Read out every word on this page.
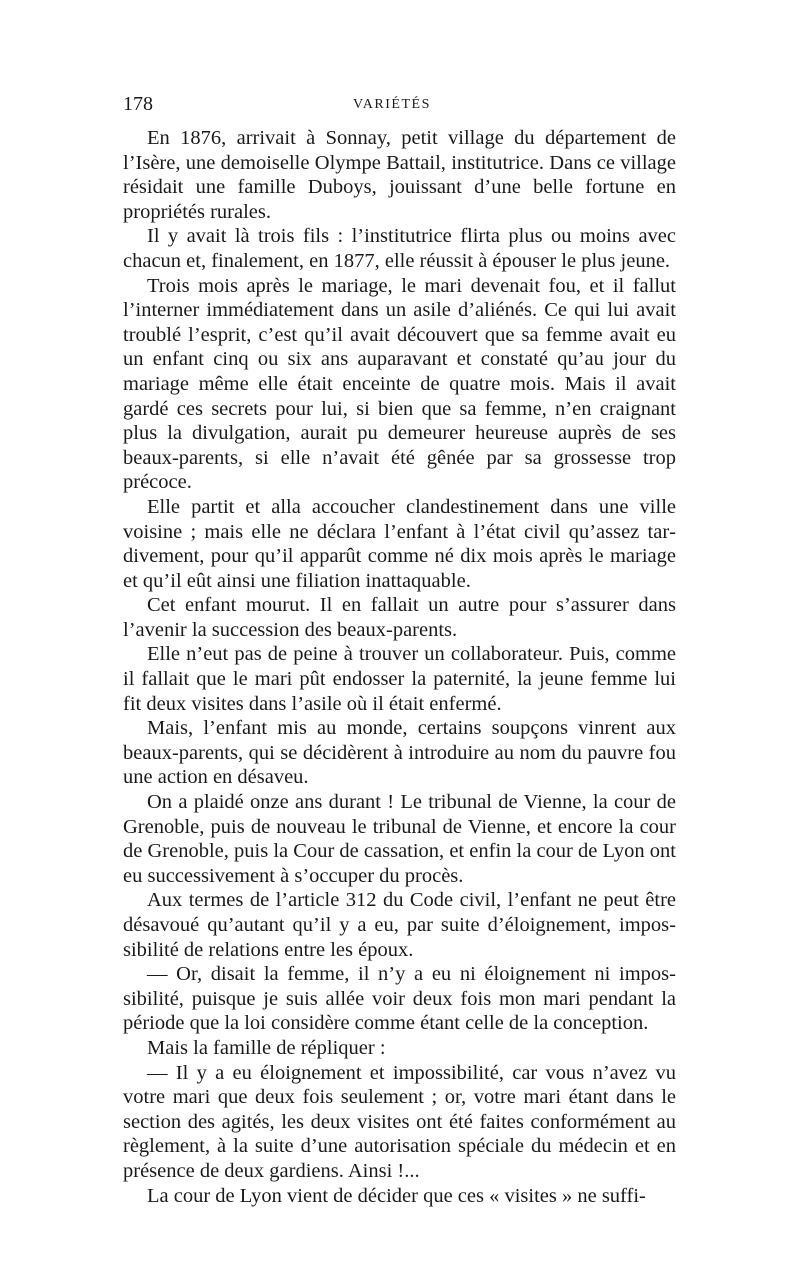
178	VARIÉTÉS

En 1876, arrivait à Sonnay, petit village du département de l’Isère, une demoiselle Olympe Battail, institutrice. Dans ce village résidait une famille Duboys, jouissant d’une belle fortune en propriétés rurales.

Il y avait là trois fils : l’institutrice flirta plus ou moins avec chacun et, finalement, en 1877, elle réussit à épouser le plus jeune.

Trois mois après le mariage, le mari devenait fou, et il fallut l’interner immédiatement dans un asile d’aliénés. Ce qui lui avait troublé l’esprit, c’est qu’il avait découvert que sa femme avait eu un enfant cinq ou six ans auparavant et constaté qu’au jour du mariage même elle était enceinte de quatre mois. Mais il avait gardé ces secrets pour lui, si bien que sa femme, n’en craignant plus la divulgation, aurait pu demeurer heureuse auprès de ses beaux-parents, si elle n’avait été gênée par sa grossesse trop précoce.

Elle partit et alla accoucher clandestinement dans une ville voisine ; mais elle ne déclara l’enfant à l’état civil qu’assez tardivement, pour qu’il apparût comme né dix mois après le mariage et qu’il eût ainsi une filiation inattaquable.

Cet enfant mourut. Il en fallait un autre pour s’assurer dans l’avenir la succession des beaux-parents.

Elle n’eut pas de peine à trouver un collaborateur. Puis, comme il fallait que le mari pût endosser la paternité, la jeune femme lui fit deux visites dans l’asile où il était enfermé.

Mais, l’enfant mis au monde, certains soupçons vinrent aux beaux-parents, qui se décidèrent à introduire au nom du pauvre fou une action en désaveu.

On a plaidé onze ans durant ! Le tribunal de Vienne, la cour de Grenoble, puis de nouveau le tribunal de Vienne, et encore la cour de Grenoble, puis la Cour de cassation, et enfin la cour de Lyon ont eu successivement à s’occuper du procès.

Aux termes de l’article 312 du Code civil, l’enfant ne peut être désavoué qu’autant qu’il y a eu, par suite d’éloignement, impossibilité de relations entre les époux.

— Or, disait la femme, il n’y a eu ni éloignement ni impossibilité, puisque je suis allée voir deux fois mon mari pendant la période que la loi considère comme étant celle de la conception.

Mais la famille de répliquer :

— Il y a eu éloignement et impossibilité, car vous n’avez vu votre mari que deux fois seulement ; or, votre mari étant dans le section des agités, les deux visites ont été faites conformément au règlement, à la suite d’une autorisation spéciale du médecin et en présence de deux gardiens. Ainsi !...

La cour de Lyon vient de décider que ces « visites » ne suffi-
